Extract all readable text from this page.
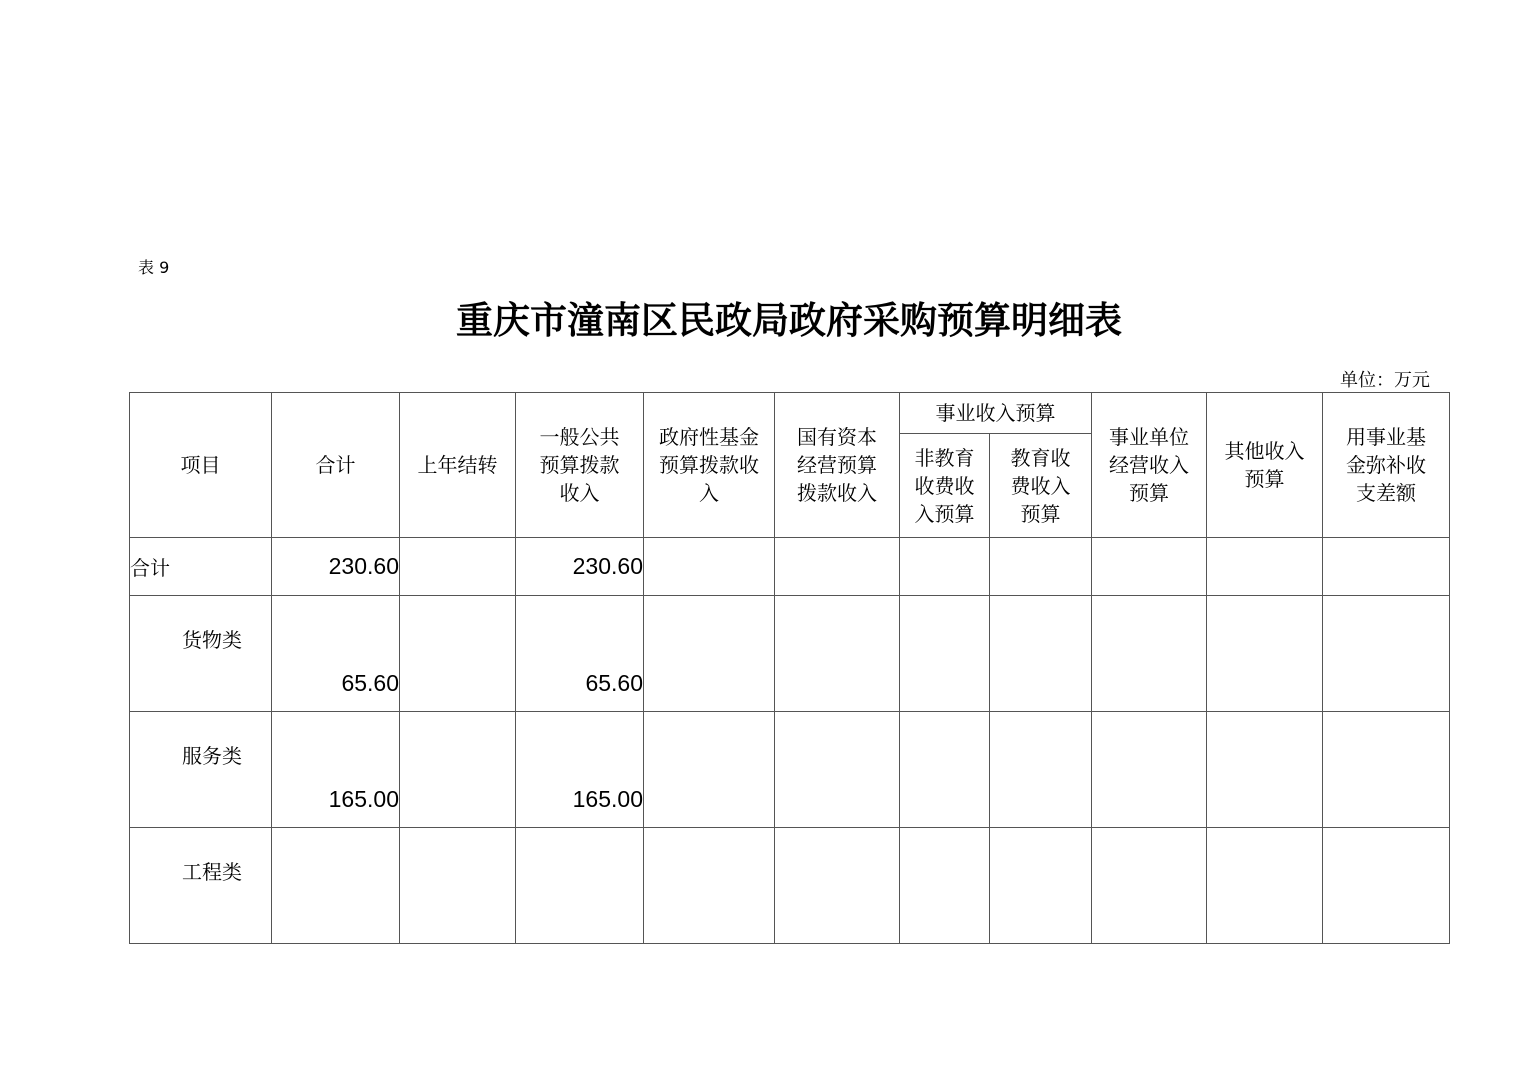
表 9
重庆市潼南区民政局政府采购预算明细表
单位：万元
项目	合计	上年结转	一般公共预算拨款收入	政府性基金预算拨款收入	国有资本经营预算拨款收入	事业收入预算		事业单位经营收入预算	其他收入预算	用事业基金弥补收支差额

						非教育收费收入预算	教育收费收入预算			

合计	230.60		230.60							
货物类	65.60		65.60							
服务类	165.00		165.00							
工程类										
